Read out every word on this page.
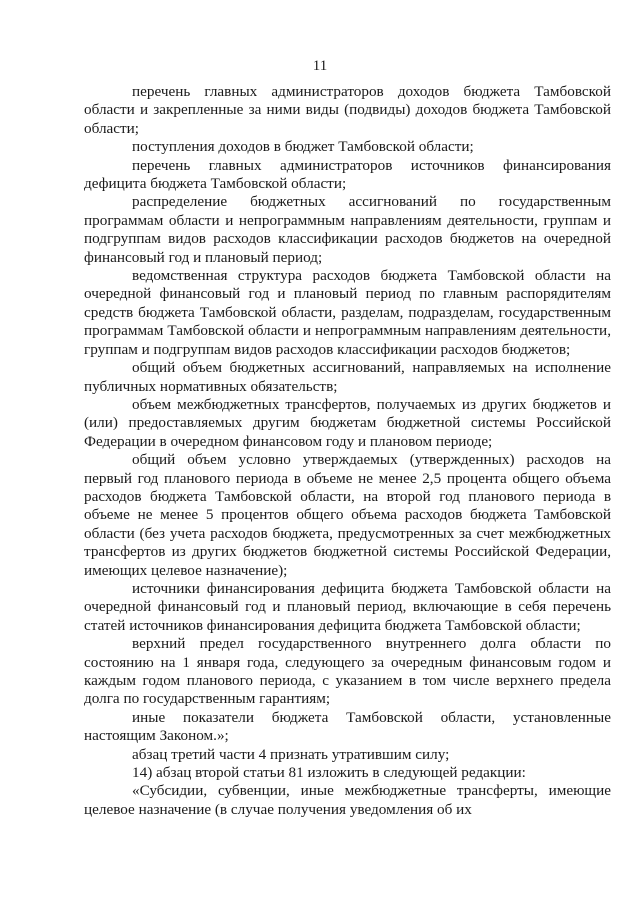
11

перечень главных администраторов доходов бюджета Тамбовской области и закрепленные за ними виды (подвиды) доходов бюджета Тамбовской области;

поступления доходов в бюджет Тамбовской области;

перечень главных администраторов источников финансирования дефицита бюджета Тамбовской области;

распределение бюджетных ассигнований по государственным программам области и непрограммным направлениям деятельности, группам и подгруппам видов расходов классификации расходов бюджетов на очередной финансовый год и плановый период;

ведомственная структура расходов бюджета Тамбовской области на очередной финансовый год и плановый период по главным распорядителям средств бюджета Тамбовской области, разделам, подразделам, государственным программам Тамбовской области и непрограммным направлениям деятельности, группам и подгруппам видов расходов классификации расходов бюджетов;

общий объем бюджетных ассигнований, направляемых на исполнение публичных нормативных обязательств;

объем межбюджетных трансфертов, получаемых из других бюджетов и (или) предоставляемых другим бюджетам бюджетной системы Российской Федерации в очередном финансовом году и плановом периоде;

общий объем условно утверждаемых (утвержденных) расходов на первый год планового периода в объеме не менее 2,5 процента общего объема расходов бюджета Тамбовской области, на второй год планового периода в объеме не менее 5 процентов общего объема расходов бюджета Тамбовской области (без учета расходов бюджета, предусмотренных за счет межбюджетных трансфертов из других бюджетов бюджетной системы Российской Федерации, имеющих целевое назначение);

источники финансирования дефицита бюджета Тамбовской области на очередной финансовый год и плановый период, включающие в себя перечень статей источников финансирования дефицита бюджета Тамбовской области;

верхний предел государственного внутреннего долга области по состоянию на 1 января года, следующего за очередным финансовым годом и каждым годом планового периода, с указанием в том числе верхнего предела долга по государственным гарантиям;

иные показатели бюджета Тамбовской области, установленные настоящим Законом.»;

абзац третий части 4 признать утратившим силу;

14) абзац второй статьи 81 изложить в следующей редакции:

«Субсидии, субвенции, иные межбюджетные трансферты, имеющие целевое назначение (в случае получения уведомления об их
